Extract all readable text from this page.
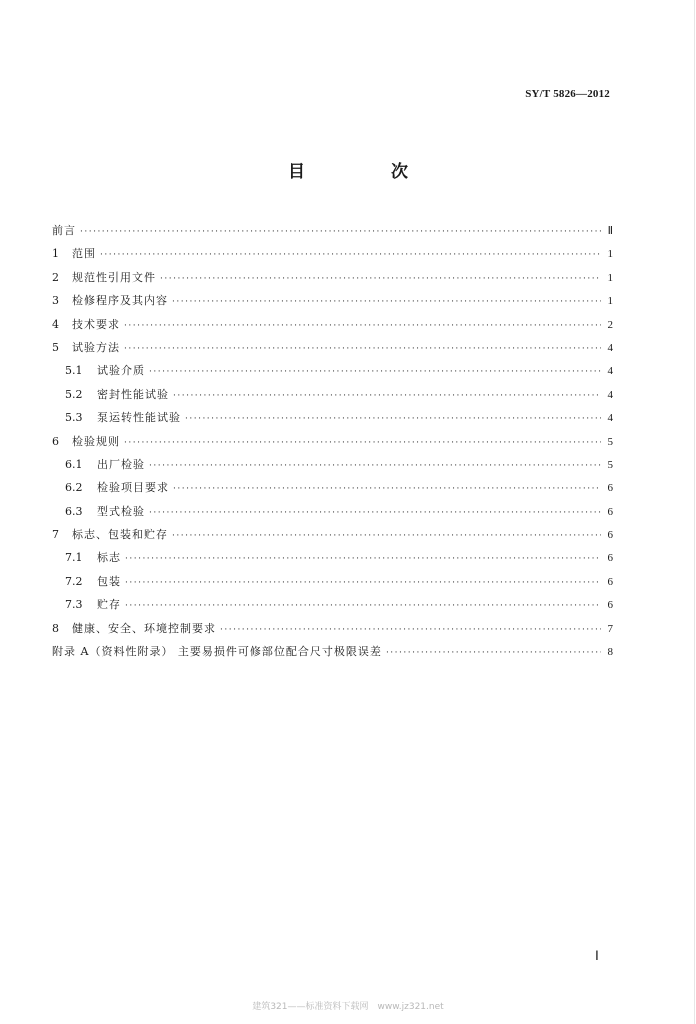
SY/T 5826—2012
目 次
前言 ·····	Ⅱ
1	范围 ·····	1
2	规范性引用文件 ·····	1
3	检修程序及其内容 ·····	1
4	技术要求 ·····	2
5	试验方法 ·····	4
5.1	试验介质 ·····	4
5.2	密封性能试验 ·····	4
5.3	泵运转性能试验 ·····	4
6	检验规则 ·····	5
6.1	出厂检验 ·····	5
6.2	检验项目要求 ·····	6
6.3	型式检验 ·····	6
7	标志、包装和贮存 ·····	6
7.1	标志 ·····	6
7.2	包装 ·····	6
7.3	贮存 ·····	6
8	健康、安全、环境控制要求 ·····	7
附录 A（资料性附录） 主要易损件可修部位配合尺寸极限误差 ·····	8
Ⅰ
建筑321——标准资料下载网　www.jz321.net
